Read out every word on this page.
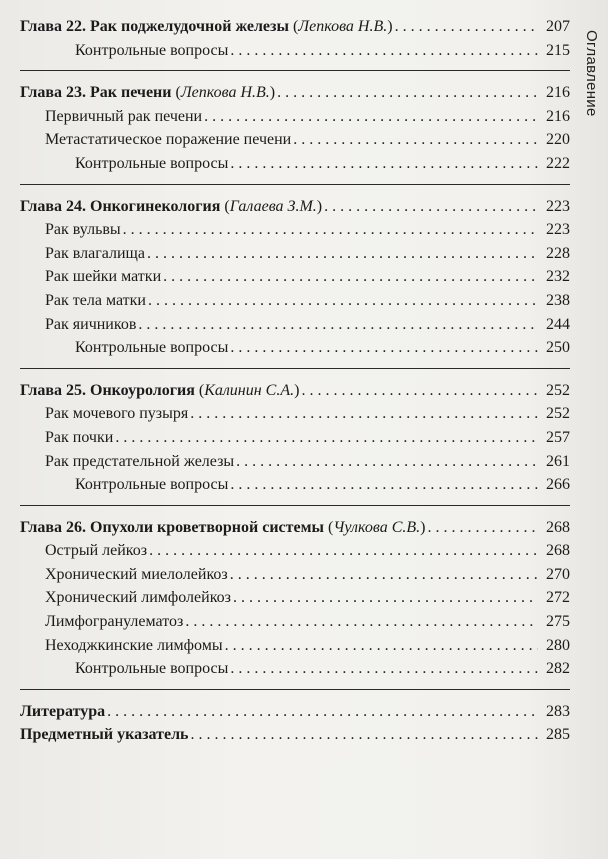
Оглавление
Глава 22. Рак поджелудочной железы (Лепкова Н.В.) . . .	207
Контрольные вопросы . . .	215
Глава 23. Рак печени (Лепкова Н.В.) . . .	216
Первичный рак печени . . .	216
Метастатическое поражение печени . . .	220
Контрольные вопросы . . .	222
Глава 24. Онкогинекология (Галаева З.М.) . . .	223
Рак вульвы . . .	223
Рак влагалища . . .	228
Рак шейки матки . . .	232
Рак тела матки . . .	238
Рак яичников . . .	244
Контрольные вопросы . . .	250
Глава 25. Онкоурология (Калинин С.А.) . . .	252
Рак мочевого пузыря . . .	252
Рак почки . . .	257
Рак предстательной железы . . .	261
Контрольные вопросы . . .	266
Глава 26. Опухоли кроветворной системы (Чулкова С.В.) . . .	268
Острый лейкоз . . .	268
Хронический миелолейкоз . . .	270
Хронический лимфолейкоз . . .	272
Лимфогранулематоз . . .	275
Неходжкинские лимфомы . . .	280
Контрольные вопросы . . .	282
Литература . . .	283
Предметный указатель . . .	285
